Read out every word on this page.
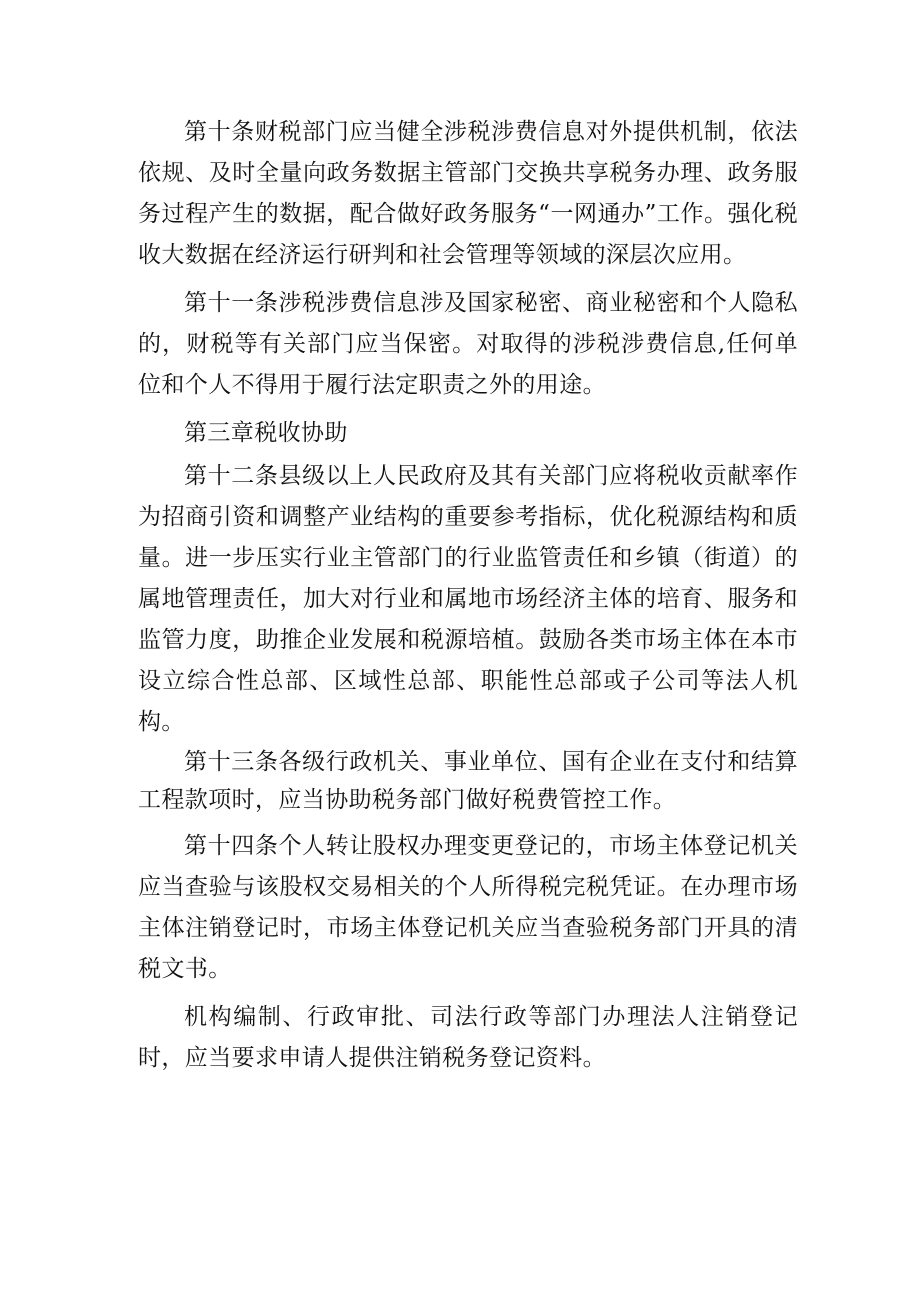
第十条财税部门应当健全涉税涉费信息对外提供机制，依法依规、及时全量向政务数据主管部门交换共享税务办理、政务服务过程产生的数据，配合做好政务服务“一网通办”工作。强化税收大数据在经济运行研判和社会管理等领域的深层次应用。

第十一条涉税涉费信息涉及国家秘密、商业秘密和个人隐私的，财税等有关部门应当保密。对取得的涉税涉费信息,任何单位和个人不得用于履行法定职责之外的用途。

第三章税收协助

第十二条县级以上人民政府及其有关部门应将税收贡献率作为招商引资和调整产业结构的重要参考指标，优化税源结构和质量。进一步压实行业主管部门的行业监管责任和乡镇（街道）的属地管理责任，加大对行业和属地市场经济主体的培育、服务和监管力度，助推企业发展和税源培植。鼓励各类市场主体在本市设立综合性总部、区域性总部、职能性总部或子公司等法人机构。

第十三条各级行政机关、事业单位、国有企业在支付和结算工程款项时，应当协助税务部门做好税费管控工作。

第十四条个人转让股权办理变更登记的，市场主体登记机关应当查验与该股权交易相关的个人所得税完税凭证。在办理市场主体注销登记时，市场主体登记机关应当查验税务部门开具的清税文书。

机构编制、行政审批、司法行政等部门办理法人注销登记时，应当要求申请人提供注销税务登记资料。
